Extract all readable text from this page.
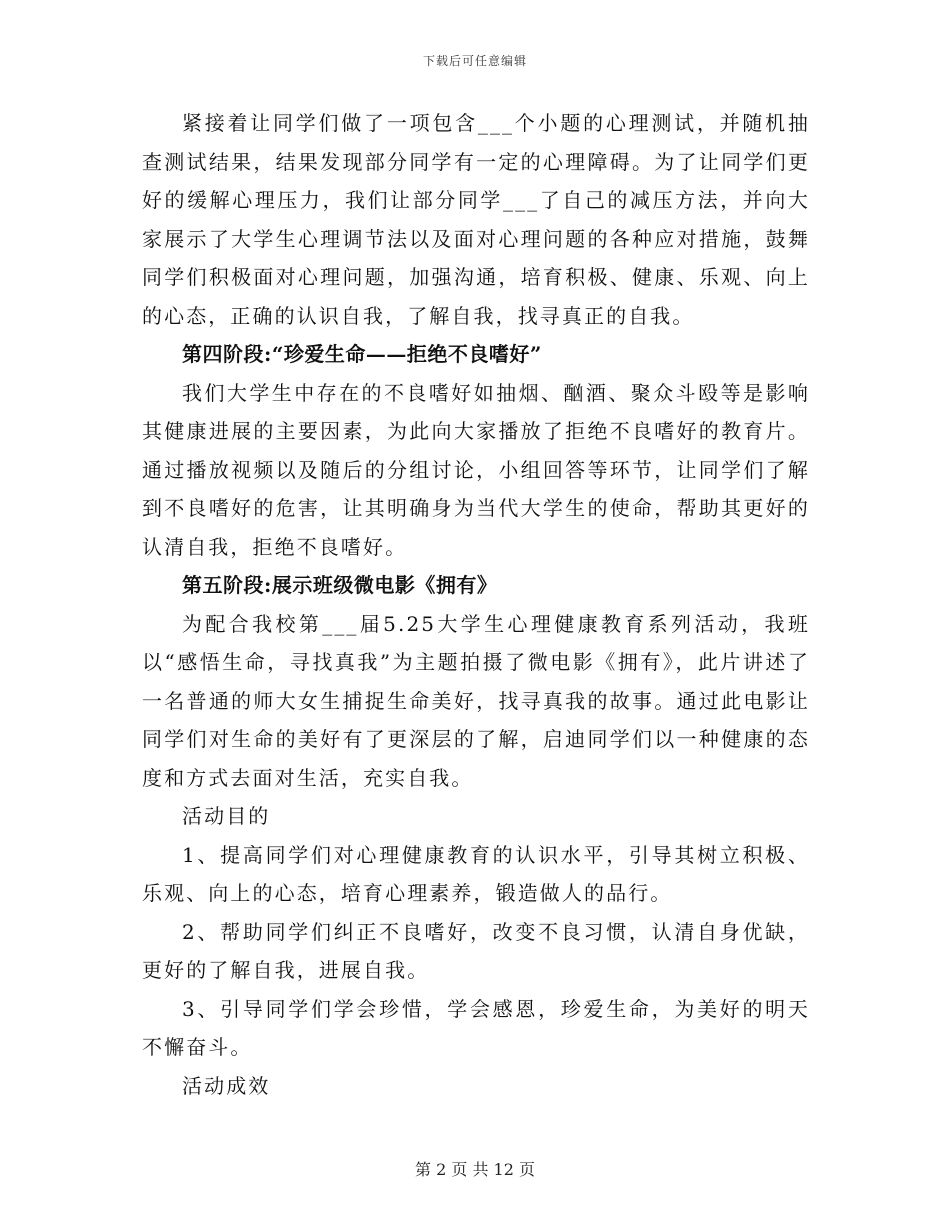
下载后可任意编辑

紧接着让同学们做了一项包含___个小题的心理测试，并随机抽查测试结果，结果发现部分同学有一定的心理障碍。为了让同学们更好的缓解心理压力，我们让部分同学___了自己的减压方法，并向大家展示了大学生心理调节法以及面对心理问题的各种应对措施，鼓舞同学们积极面对心理问题，加强沟通，培育积极、健康、乐观、向上的心态，正确的认识自我，了解自我，找寻真正的自我。

第四阶段:“珍爱生命——拒绝不良嗜好”

我们大学生中存在的不良嗜好如抽烟、酗酒、聚众斗殴等是影响其健康进展的主要因素，为此向大家播放了拒绝不良嗜好的教育片。通过播放视频以及随后的分组讨论，小组回答等环节，让同学们了解到不良嗜好的危害，让其明确身为当代大学生的使命，帮助其更好的认清自我，拒绝不良嗜好。

第五阶段:展示班级微电影《拥有》

为配合我校第___届5.25大学生心理健康教育系列活动，我班以“感悟生命，寻找真我”为主题拍摄了微电影《拥有》，此片讲述了一名普通的师大女生捕捉生命美好，找寻真我的故事。通过此电影让同学们对生命的美好有了更深层的了解，启迪同学们以一种健康的态度和方式去面对生活，充实自我。

活动目的

1、提高同学们对心理健康教育的认识水平，引导其树立积极、乐观、向上的心态，培育心理素养，锻造做人的品行。

2、帮助同学们纠正不良嗜好，改变不良习惯，认清自身优缺，更好的了解自我，进展自我。

3、引导同学们学会珍惜，学会感恩，珍爱生命，为美好的明天不懈奋斗。

活动成效

第 2 页 共 12 页
